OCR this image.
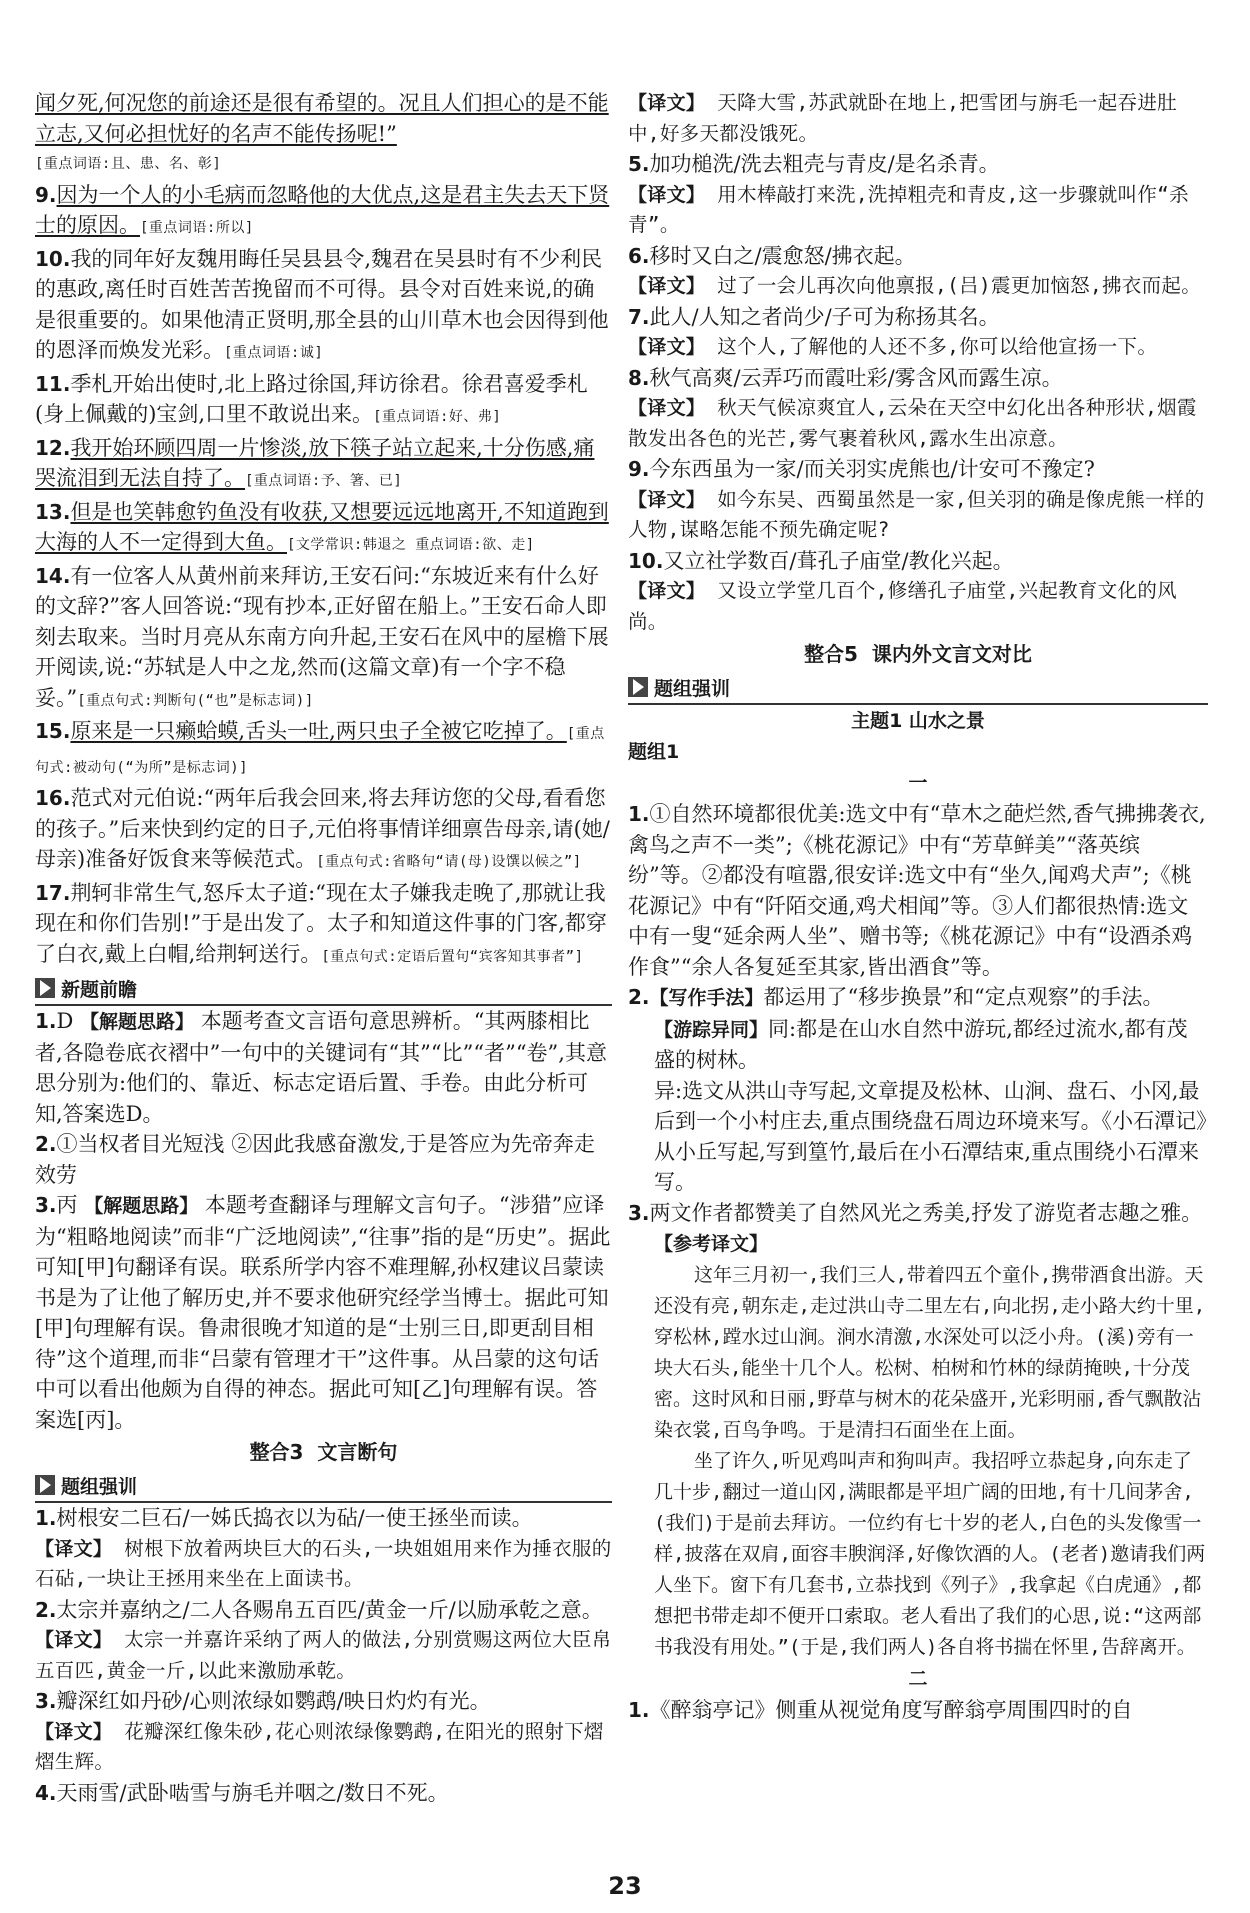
闻夕死,何况您的前途还是很有希望的。况且人们担心的是不能立志,又何必担忧好的名声不能传扬呢!”

[重点词语:且、患、名、彰]

9.因为一个人的小毛病而忽略他的大优点,这是君主失去天下贤士的原因。[重点词语:所以]
10.我的同年好友魏用晦任吴县县令,魏君在吴县时有不少利民的惠政,离任时百姓苦苦挽留而不可得。县令对百姓来说,的确是很重要的。如果他清正贤明,那全县的山川草木也会因得到他的恩泽而焕发光彩。[重点词语:诚]
11.季札开始出使时,北上路过徐国,拜访徐君。徐君喜爱季札(身上佩戴的)宝剑,口里不敢说出来。[重点词语:好、弗]
12.我开始环顾四周一片惨淡,放下筷子站立起来,十分伤感,痛哭流泪到无法自持了。[重点词语:予、箸、已]
13.但是也笑韩愈钓鱼没有收获,又想要远远地离开,不知道跑到大海的人不一定得到大鱼。[文学常识:韩退之 重点词语:欲、走]
14.有一位客人从黄州前来拜访,王安石问:“东坡近来有什么好的文辞?”客人回答说:“现有抄本,正好留在船上。”王安石命人即刻去取来。当时月亮从东南方向升起,王安石在风中的屋檐下展开阅读,说:“苏轼是人中之龙,然而(这篇文章)有一个字不稳妥。”[重点句式:判断句(“也”是标志词)]
15.原来是一只癞蛤蟆,舌头一吐,两只虫子全被它吃掉了。[重点句式:被动句(“为所”是标志词)]
16.范式对元伯说:“两年后我会回来,将去拜访您的父母,看看您的孩子。”后来快到约定的日子,元伯将事情详细禀告母亲,请(她/母亲)准备好饭食来等候范式。[重点句式:省略句“请(母)设馔以候之”]
17.荆轲非常生气,怒斥太子道:“现在太子嫌我走晚了,那就让我现在和你们告别!”于是出发了。太子和知道这件事的门客,都穿了白衣,戴上白帽,给荆轲送行。[重点句式:定语后置句“宾客知其事者”]
新题前瞻
1.D 【解题思路】 本题考查文言语句意思辨析。“其两膝相比者,各隐卷底衣褶中”一句中的关键词有“其”“比”“者”“卷”,其意思分别为:他们的、靠近、标志定语后置、手卷。由此分析可知,答案选D。
2.①当权者目光短浅 ②因此我感奋激发,于是答应为先帝奔走效劳
3.丙 【解题思路】 本题考查翻译与理解文言句子。“涉猎”应译为“粗略地阅读”而非“广泛地阅读”,“往事”指的是“历史”。据此可知[甲]句翻译有误。联系所学内容不难理解,孙权建议吕蒙读书是为了让他了解历史,并不要求他研究经学当博士。据此可知[甲]句理解有误。鲁肃很晚才知道的是“士别三日,即更刮目相待”这个道理,而非“吕蒙有管理才干”这件事。从吕蒙的这句话中可以看出他颇为自得的神态。据此可知[乙]句理解有误。答案选[丙]。
整合3 文言断句
题组强训
1.树根安二巨石/一姊氏捣衣以为砧/一使王拯坐而读。
【译文】 树根下放着两块巨大的石头,一块姐姐用来作为捶衣服的石砧,一块让王拯用来坐在上面读书。
2.太宗并嘉纳之/二人各赐帛五百匹/黄金一斤/以励承乾之意。
【译文】 太宗一并嘉许采纳了两人的做法,分别赏赐这两位大臣帛五百匹,黄金一斤,以此来激励承乾。
3.瓣深红如丹砂/心则浓绿如鹦鹉/映日灼灼有光。
【译文】 花瓣深红像朱砂,花心则浓绿像鹦鹉,在阳光的照射下熠熠生辉。
4.天雨雪/武卧啮雪与旃毛并咽之/数日不死。
【译文】 天降大雪,苏武就卧在地上,把雪团与旃毛一起吞进肚中,好多天都没饿死。
5.加功槌洗/洗去粗壳与青皮/是名杀青。
【译文】 用木棒敲打来洗,洗掉粗壳和青皮,这一步骤就叫作“杀青”。
6.移时又白之/震愈怒/拂衣起。
【译文】 过了一会儿再次向他禀报,(吕)震更加恼怒,拂衣而起。
7.此人/人知之者尚少/子可为称扬其名。
【译文】 这个人,了解他的人还不多,你可以给他宣扬一下。
8.秋气高爽/云弄巧而霞吐彩/雾含风而露生凉。
【译文】 秋天气候凉爽宜人,云朵在天空中幻化出各种形状,烟霞散发出各色的光芒,雾气裹着秋风,露水生出凉意。
9.今东西虽为一家/而关羽实虎熊也/计安可不豫定?
【译文】 如今东吴、西蜀虽然是一家,但关羽的确是像虎熊一样的人物,谋略怎能不预先确定呢?
10.又立社学数百/葺孔子庙堂/教化兴起。
【译文】 又设立学堂几百个,修缮孔子庙堂,兴起教育文化的风尚。
整合5 课内外文言文对比
题组强训
主题1 山水之景
题组1
一
1.①自然环境都很优美:选文中有“草木之葩烂然,香气拂拂袭衣,禽鸟之声不一类”;《桃花源记》中有“芳草鲜美”“落英缤纷”等。②都没有喧嚣,很安详:选文中有“坐久,闻鸡犬声”;《桃花源记》中有“阡陌交通,鸡犬相闻”等。③人们都很热情:选文中有一叟“延余两人坐”、赠书等;《桃花源记》中有“设酒杀鸡作食”“余人各复延至其家,皆出酒食”等。
2.【写作手法】都运用了“移步换景”和“定点观察”的手法。
【游踪异同】同:都是在山水自然中游玩,都经过流水,都有茂盛的树林。
异:选文从洪山寺写起,文章提及松林、山涧、盘石、小冈,最后到一个小村庄去,重点围绕盘石周边环境来写。《小石潭记》从小丘写起,写到篁竹,最后在小石潭结束,重点围绕小石潭来写。
3.两文作者都赞美了自然风光之秀美,抒发了游览者志趣之雅。
【参考译文】

这年三月初一,我们三人,带着四五个童仆,携带酒食出游。天还没有亮,朝东走,走过洪山寺二里左右,向北拐,走小路大约十里,穿松林,蹚水过山涧。涧水清激,水深处可以泛小舟。(溪)旁有一块大石头,能坐十几个人。松树、柏树和竹林的绿荫掩映,十分茂密。这时风和日丽,野草与树木的花朵盛开,光彩明丽,香气飘散沾染衣裳,百鸟争鸣。于是清扫石面坐在上面。

坐了许久,听见鸡叫声和狗叫声。我招呼立恭起身,向东走了几十步,翻过一道山冈,满眼都是平坦广阔的田地,有十几间茅舍,(我们)于是前去拜访。一位约有七十岁的老人,白色的头发像雪一样,披落在双肩,面容丰腴润泽,好像饮酒的人。(老者)邀请我们两人坐下。窗下有几套书,立恭找到《列子》,我拿起《白虎通》,都想把书带走却不便开口索取。老人看出了我们的心思,说:“这两部书我没有用处。”(于是,我们两人)各自将书揣在怀里,告辞离开。

二
1.《醉翁亭记》侧重从视觉角度写醉翁亭周围四时的自
23
